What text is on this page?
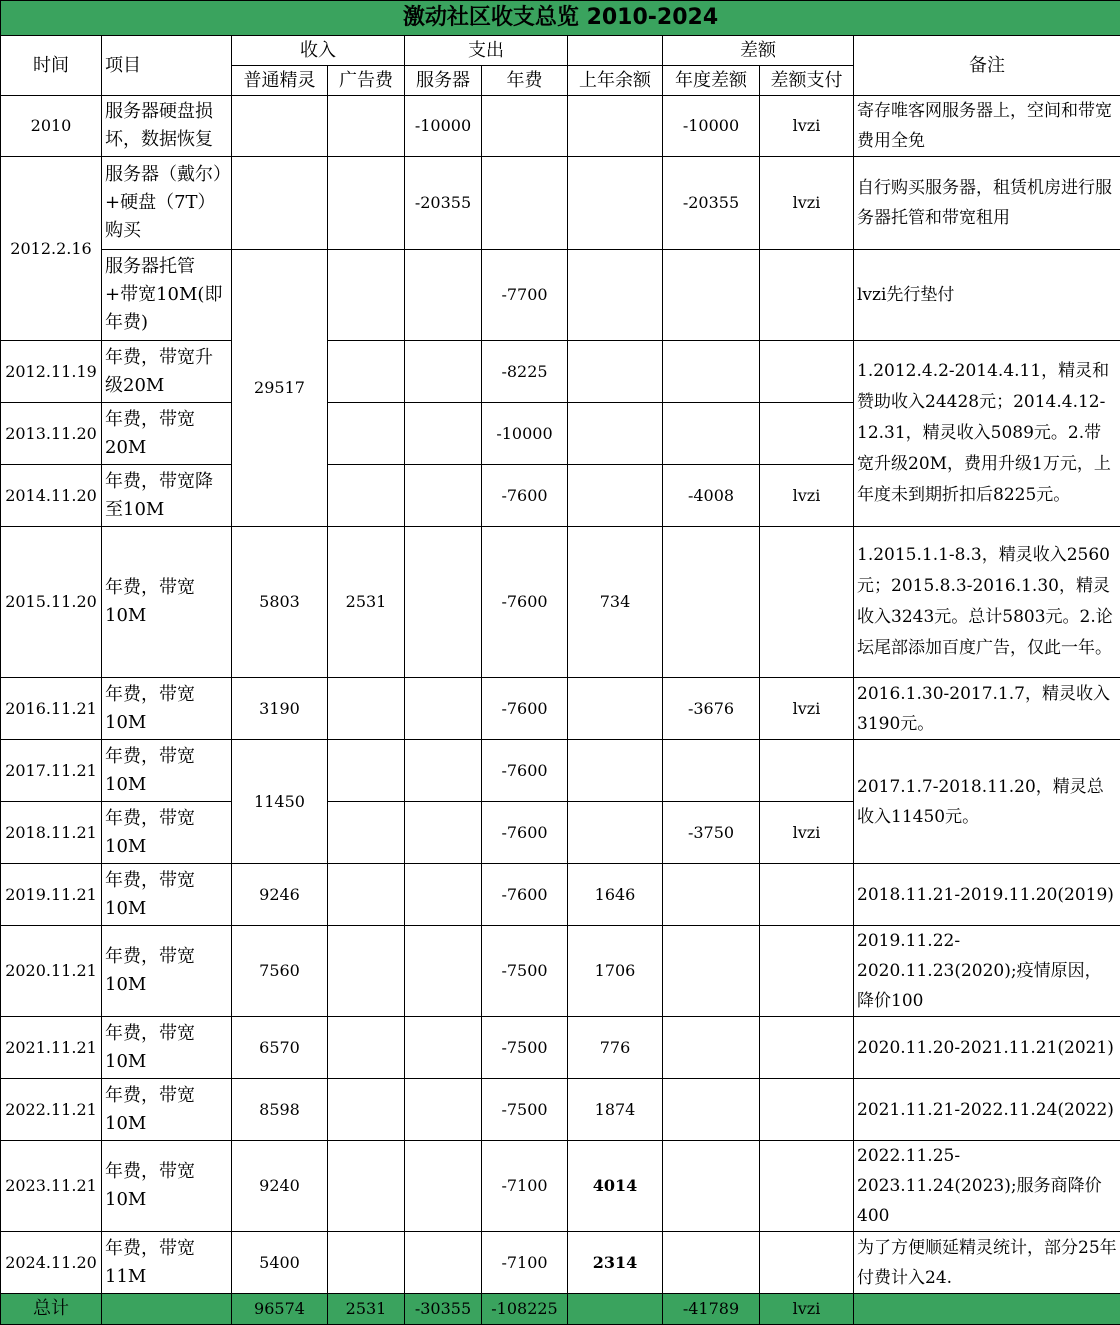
激动社区收支总览 2010-2024									
时间	项目	收入		支出			差额		备注
		普通精灵	广告费	服务器	年费	上年余额	年度差额	差额支付	
2010	服务器硬盘损坏，数据恢复			-10000			-10000	lvzi	寄存唯客网服务器上，空间和带宽费用全免
2012.2.16	服务器（戴尔）+硬盘（7T）购买			-20355			-20355	lvzi	自行购买服务器，租赁机房进行服务器托管和带宽租用
	服务器托管+带宽10M(即年费)	29517			-7700				lvzi先行垫付
2012.11.19	年费，带宽升级20M				-8225				1.2012.4.2-2014.4.11，精灵和赞助收入24428元；2014.4.12-12.31，精灵收入5089元。2.带宽升级20M，费用升级1万元，上年度未到期折扣后8225元。
2013.11.20	年费，带宽20M				-10000				
2014.11.20	年费，带宽降至10M				-7600		-4008	lvzi	
2015.11.20	年费，带宽10M	5803	2531		-7600	734			1.2015.1.1-8.3，精灵收入2560元；2015.8.3-2016.1.30，精灵收入3243元。总计5803元。2.论坛尾部添加百度广告，仅此一年。
2016.11.21	年费，带宽10M	3190			-7600		-3676	lvzi	2016.1.30-2017.1.7，精灵收入3190元。
2017.11.21	年费，带宽10M	11450			-7600				2017.1.7-2018.11.20，精灵总收入11450元。
2018.11.21	年费，带宽10M				-7600		-3750	lvzi	
2019.11.21	年费，带宽10M	9246			-7600	1646			2018.11.21-2019.11.20(2019)
2020.11.21	年费，带宽10M	7560			-7500	1706			2019.11.22-2020.11.23(2020);疫情原因，降价100
2021.11.21	年费，带宽10M	6570			-7500	776			2020.11.20-2021.11.21(2021)
2022.11.21	年费，带宽10M	8598			-7500	1874			2021.11.21-2022.11.24(2022)
2023.11.21	年费，带宽10M	9240			-7100	4014			2022.11.25-2023.11.24(2023);服务商降价400
2024.11.20	年费，带宽11M	5400			-7100	2314			为了方便顺延精灵统计，部分25年付费计入24.
总计		96574	2531	-30355	-108225		-41789	lvzi	
